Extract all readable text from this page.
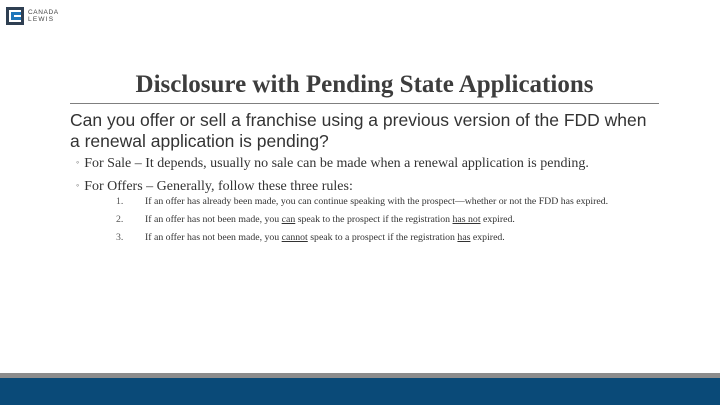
CANADA
LEWIS
Disclosure with Pending State Applications

Can you offer or sell a franchise using a previous version of the FDD when a renewal application is pending?

◦ For Sale – It depends, usually no sale can be made when a renewal application is pending.
◦ For Offers – Generally, follow these three rules:
1.	If an offer has already been made, you can continue speaking with the prospect—whether or not the FDD has expired.
2.	If an offer has not been made, you can speak to the prospect if the registration has not expired.
3.	If an offer has not been made, you cannot speak to a prospect if the registration has expired.
